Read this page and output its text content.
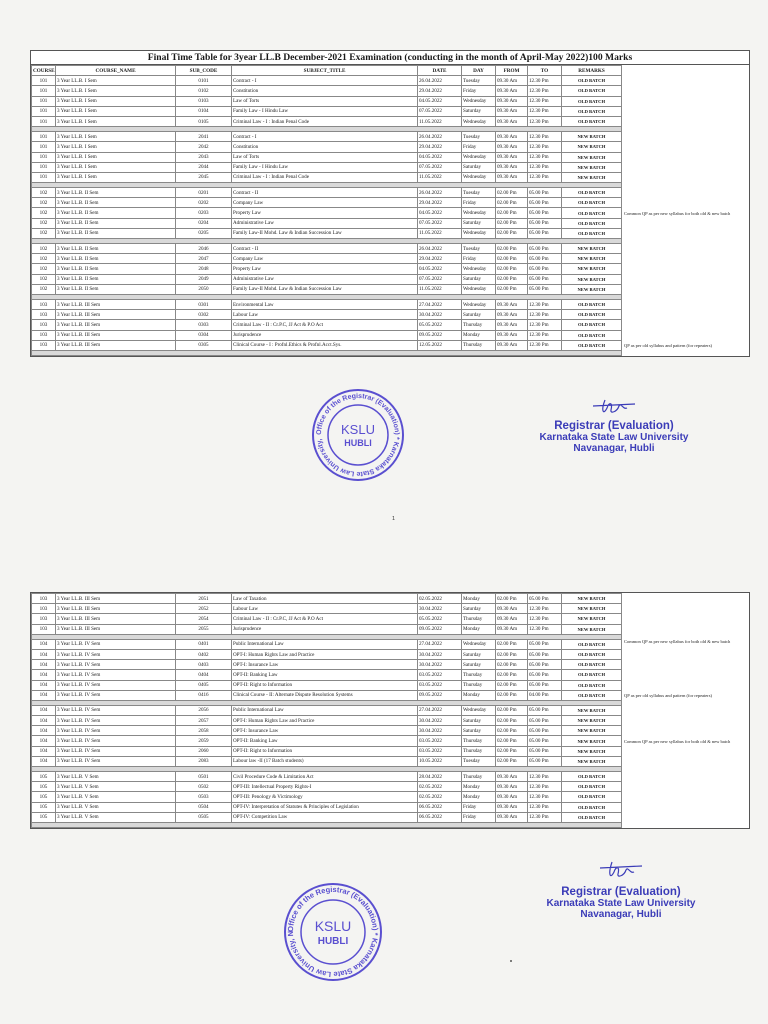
Final Time Table for 3year LL.B December-2021 Examination (conducting in the month of April-May 2022)100 Marks
COURSE	COURSE_NAME	SUB_CODE	SUBJECT_TITLE	DATE	DAY	FROM	TO	REMARKS	
101	3 Year LL.B. I Sem	0101	Contract - I	26.04.2022	Tuesday	09.30 Am	12.30 Pm	OLD BATCH	
101	3 Year LL.B. I Sem	0102	Constitution	29.04.2022	Friday	09.30 Am	12.30 Pm	OLD BATCH	
101	3 Year LL.B. I Sem	0103	Law of Torts	04.05.2022	Wednesday	09.30 Am	12.30 Pm	OLD BATCH	
101	3 Year LL.B. I Sem	0104	Family Law - I Hindu Law	07.05.2022	Saturday	09.30 Am	12.30 Pm	OLD BATCH	
101	3 Year LL.B. I Sem	0105	Criminal Law - I : Indian Penal Code	11.05.2022	Wednesday	09.30 Am	12.30 Pm	OLD BATCH	

101	3 Year LL.B. I Sem	2041	Contract - I	26.04.2022	Tuesday	09.30 Am	12.30 Pm	NEW BATCH	
101	3 Year LL.B. I Sem	2042	Constitution	29.04.2022	Friday	09.30 Am	12.30 Pm	NEW BATCH	
101	3 Year LL.B. I Sem	2043	Law of Torts	04.05.2022	Wednesday	09.30 Am	12.30 Pm	NEW BATCH	
101	3 Year LL.B. I Sem	2044	Family Law - I Hindu Law	07.05.2022	Saturday	09.30 Am	12.30 Pm	NEW BATCH	
101	3 Year LL.B. I Sem	2045	Criminal Law - I : Indian Penal Code	11.05.2022	Wednesday	09.30 Am	12.30 Pm	NEW BATCH	

102	3 Year LL.B. II Sem	0201	Contract - II	26.04.2022	Tuesday	02.00 Pm	05.00 Pm	OLD BATCH	
102	3 Year LL.B. II Sem	0202	Company Law	29.04.2022	Friday	02.00 Pm	05.00 Pm	OLD BATCH	
102	3 Year LL.B. II Sem	0203	Property Law	04.05.2022	Wednesday	02.00 Pm	05.00 Pm	OLD BATCH	Common QP as per new syllabus for both old & new batch
102	3 Year LL.B. II Sem	0204	Administrative Law	07.05.2022	Saturday	02.00 Pm	05.00 Pm	OLD BATCH	
102	3 Year LL.B. II Sem	0205	Family Law-II Mohd. Law & Indian Succession Law	11.05.2022	Wednesday	02.00 Pm	05.00 Pm	OLD BATCH	

102	3 Year LL.B. II Sem	2046	Contract - II	26.04.2022	Tuesday	02.00 Pm	05.00 Pm	NEW BATCH	
102	3 Year LL.B. II Sem	2047	Company Law	29.04.2022	Friday	02.00 Pm	05.00 Pm	NEW BATCH	
102	3 Year LL.B. II Sem	2048	Property Law	04.05.2022	Wednesday	02.00 Pm	05.00 Pm	NEW BATCH	
102	3 Year LL.B. II Sem	2049	Administrative Law	07.05.2022	Saturday	02.00 Pm	05.00 Pm	NEW BATCH	
102	3 Year LL.B. II Sem	2050	Family Law-II Mohd. Law & Indian Succession Law	11.05.2022	Wednesday	02.00 Pm	05.00 Pm	NEW BATCH	

103	3 Year LL.B. III Sem	0301	Environmental Law	27.04.2022	Wednesday	09.30 Am	12.30 Pm	OLD BATCH	
103	3 Year LL.B. III Sem	0302	Labour Law	30.04.2022	Saturday	09.30 Am	12.30 Pm	OLD BATCH	
103	3 Year LL.B. III Sem	0303	Criminal Law - II : Cr.P.C, JJ Act & P.O Act	05.05.2022	Thursday	09.30 Am	12.30 Pm	OLD BATCH	
103	3 Year LL.B. III Sem	0304	Jurisprudence	09.05.2022	Monday	09.30 Am	12.30 Pm	OLD BATCH	
103	3 Year LL.B. III Sem	0305	Clinical Course - I : Profnl.Ethics & Profnl.Acct.Sys.	12.05.2022	Thursday	09.30 Am	12.30 Pm	OLD BATCH	QP as per old syllabus and pattern (for repeaters)

Office of the Registrar (Evaluation) * Karnataka State Law University,
KSLU
HUBLI
Registrar (Evaluation)
Karnataka State Law University
Navanagar, Hubli
1
103	3 Year LL.B. III Sem	2051	Law of Taxation	02.05.2022	Monday	02.00 Pm	05.00 Pm	NEW BATCH	
103	3 Year LL.B. III Sem	2052	Labour Law	30.04.2022	Saturday	09.30 Am	12.30 Pm	NEW BATCH	
103	3 Year LL.B. III Sem	2054	Criminal Law - II : Cr.P.C, JJ Act & P.O Act	05.05.2022	Thursday	09.30 Am	12.30 Pm	NEW BATCH	
103	3 Year LL.B. III Sem	2055	Jurisprudence	09.05.2022	Monday	09.30 Am	12.30 Pm	NEW BATCH	

104	3 Year LL.B. IV Sem	0401	Public International Law	27.04.2022	Wednesday	02.00 Pm	05.00 Pm	OLD BATCH	Common QP as per new syllabus for both old & new batch
104	3 Year LL.B. IV Sem	0402	OPT-I: Human Rights Law and Practice	30.04.2022	Saturday	02.00 Pm	05.00 Pm	OLD BATCH	
104	3 Year LL.B. IV Sem	0403	OPT-I: Insurance Law	30.04.2022	Saturday	02.00 Pm	05.00 Pm	OLD BATCH	
104	3 Year LL.B. IV Sem	0404	OPT-II: Banking Law	03.05.2022	Thursday	02.00 Pm	05.00 Pm	OLD BATCH	
104	3 Year LL.B. IV Sem	0405	OPT-II: Right to Information	03.05.2022	Thursday	02.00 Pm	05.00 Pm	OLD BATCH	
104	3 Year LL.B. IV Sem	0416	Clinical Course - II: Alternate Dispute Resolution Systems	09.05.2022	Monday	02.00 Pm	04.00 Pm	OLD BATCH	QP as per old syllabus and pattern (for repeaters)

104	3 Year LL.B. IV Sem	2056	Public International Law	27.04.2022	Wednesday	02.00 Pm	05.00 Pm	NEW BATCH	
104	3 Year LL.B. IV Sem	2057	OPT-I: Human Rights Law and Practice	30.04.2022	Saturday	02.00 Pm	05.00 Pm	NEW BATCH	
104	3 Year LL.B. IV Sem	2058	OPT-I: Insurance Law	30.04.2022	Saturday	02.00 Pm	05.00 Pm	NEW BATCH	
104	3 Year LL.B. IV Sem	2059	OPT-II: Banking Law	03.05.2022	Thursday	02.00 Pm	05.00 Pm	NEW BATCH	Common QP as per new syllabus for both old & new batch
104	3 Year LL.B. IV Sem	2060	OPT-II: Right to Information	03.05.2022	Thursday	02.00 Pm	05.00 Pm	NEW BATCH	
104	3 Year LL.B. IV Sem	2083	Labour law -II (17 Batch students)	10.05.2022	Tuesday	02.00 Pm	05.00 Pm	NEW BATCH	

105	3 Year LL.B. V Sem	0501	Civil Procedure Code & Limitation Act	28.04.2022	Thursday	09.30 Am	12.30 Pm	OLD BATCH	
105	3 Year LL.B. V Sem	0502	OPT-III: Intellectual Property Rights-I	02.05.2022	Monday	09.30 Am	12.30 Pm	OLD BATCH	
105	3 Year LL.B. V Sem	0503	OPT-III: Penology & Victimology	02.05.2022	Monday	09.30 Am	12.30 Pm	OLD BATCH	
105	3 Year LL.B. V Sem	0504	OPT-IV: Interpretation of Statutes & Principles of Legislation	06.05.2022	Friday	09.30 Am	12.30 Pm	OLD BATCH	
105	3 Year LL.B. V Sem	0505	OPT-IV: Competition Law	06.05.2022	Friday	09.30 Am	12.30 Pm	OLD BATCH	

Office of the Registrar (Evaluation) * Karnataka State Law University, N	KSLU
HUBLI
Registrar (Evaluation)
Karnataka State Law University
Navanagar, Hubli
